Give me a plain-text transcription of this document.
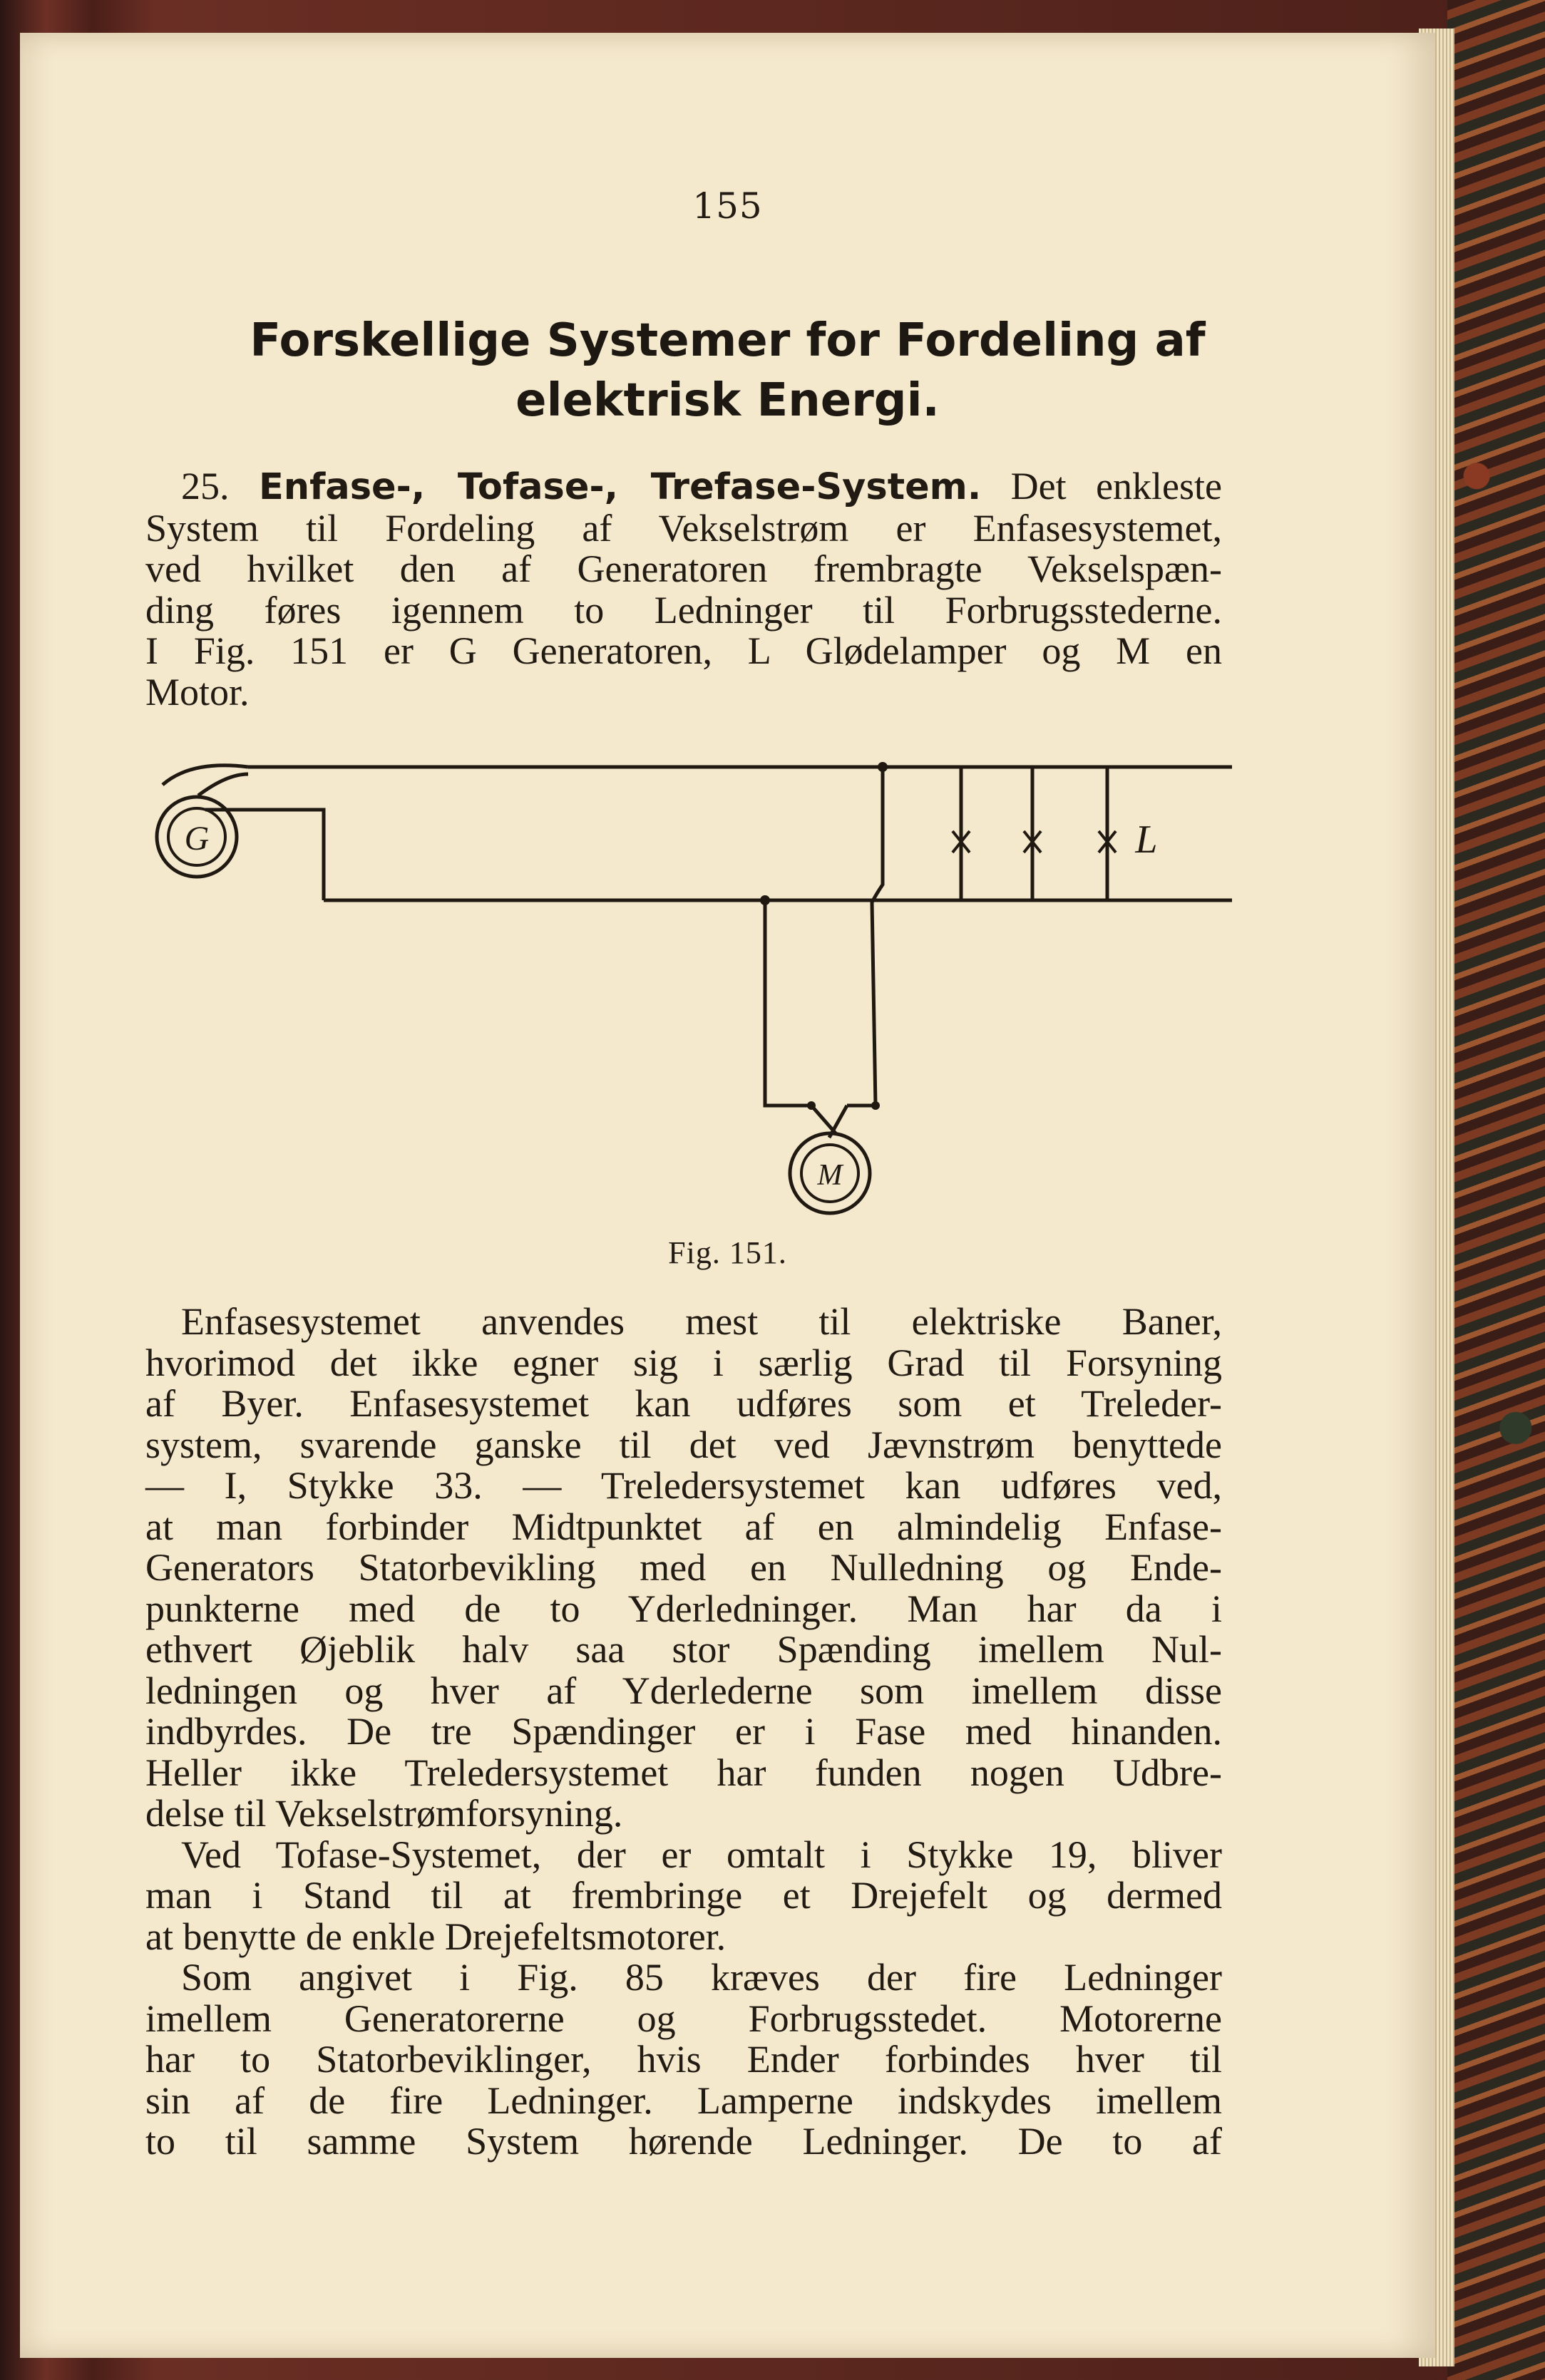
155
Forskellige Systemer for Fordeling af
elektrisk Energi.
25. Enfase-, Tofase-, Trefase-System. Det enkleste
System til Fordeling af Vekselstrøm er Enfasesystemet,
ved hvilket den af Generatoren frembragte Vekselspæn-
ding føres igennem to Ledninger til Forbrugsstederne.
I Fig. 151 er G Generatoren, L Glødelamper og M en
Motor.
G
M
L
Fig. 151.
Enfasesystemet anvendes mest til elektriske Baner,
hvorimod det ikke egner sig i særlig Grad til Forsyning
af Byer. Enfasesystemet kan udføres som et Treleder-
system, svarende ganske til det ved Jævnstrøm benyttede
— I, Stykke 33. — Treledersystemet kan udføres ved,
at man forbinder Midtpunktet af en almindelig Enfase-
Generators Statorbevikling med en Nulledning og Ende-
punkterne med de to Yderledninger. Man har da i
ethvert Øjeblik halv saa stor Spænding imellem Nul-
ledningen og hver af Yderlederne som imellem disse
indbyrdes. De tre Spændinger er i Fase med hinanden.
Heller ikke Treledersystemet har funden nogen Udbre-
delse til Vekselstrømforsyning.
Ved Tofase-Systemet, der er omtalt i Stykke 19, bliver
man i Stand til at frembringe et Drejefelt og dermed
at benytte de enkle Drejefeltsmotorer.
Som angivet i Fig. 85 kræves der fire Ledninger
imellem Generatorerne og Forbrugsstedet. Motorerne
har to Statorbeviklinger, hvis Ender forbindes hver til
sin af de fire Ledninger. Lamperne indskydes imellem
to til samme System hørende Ledninger. De to af
